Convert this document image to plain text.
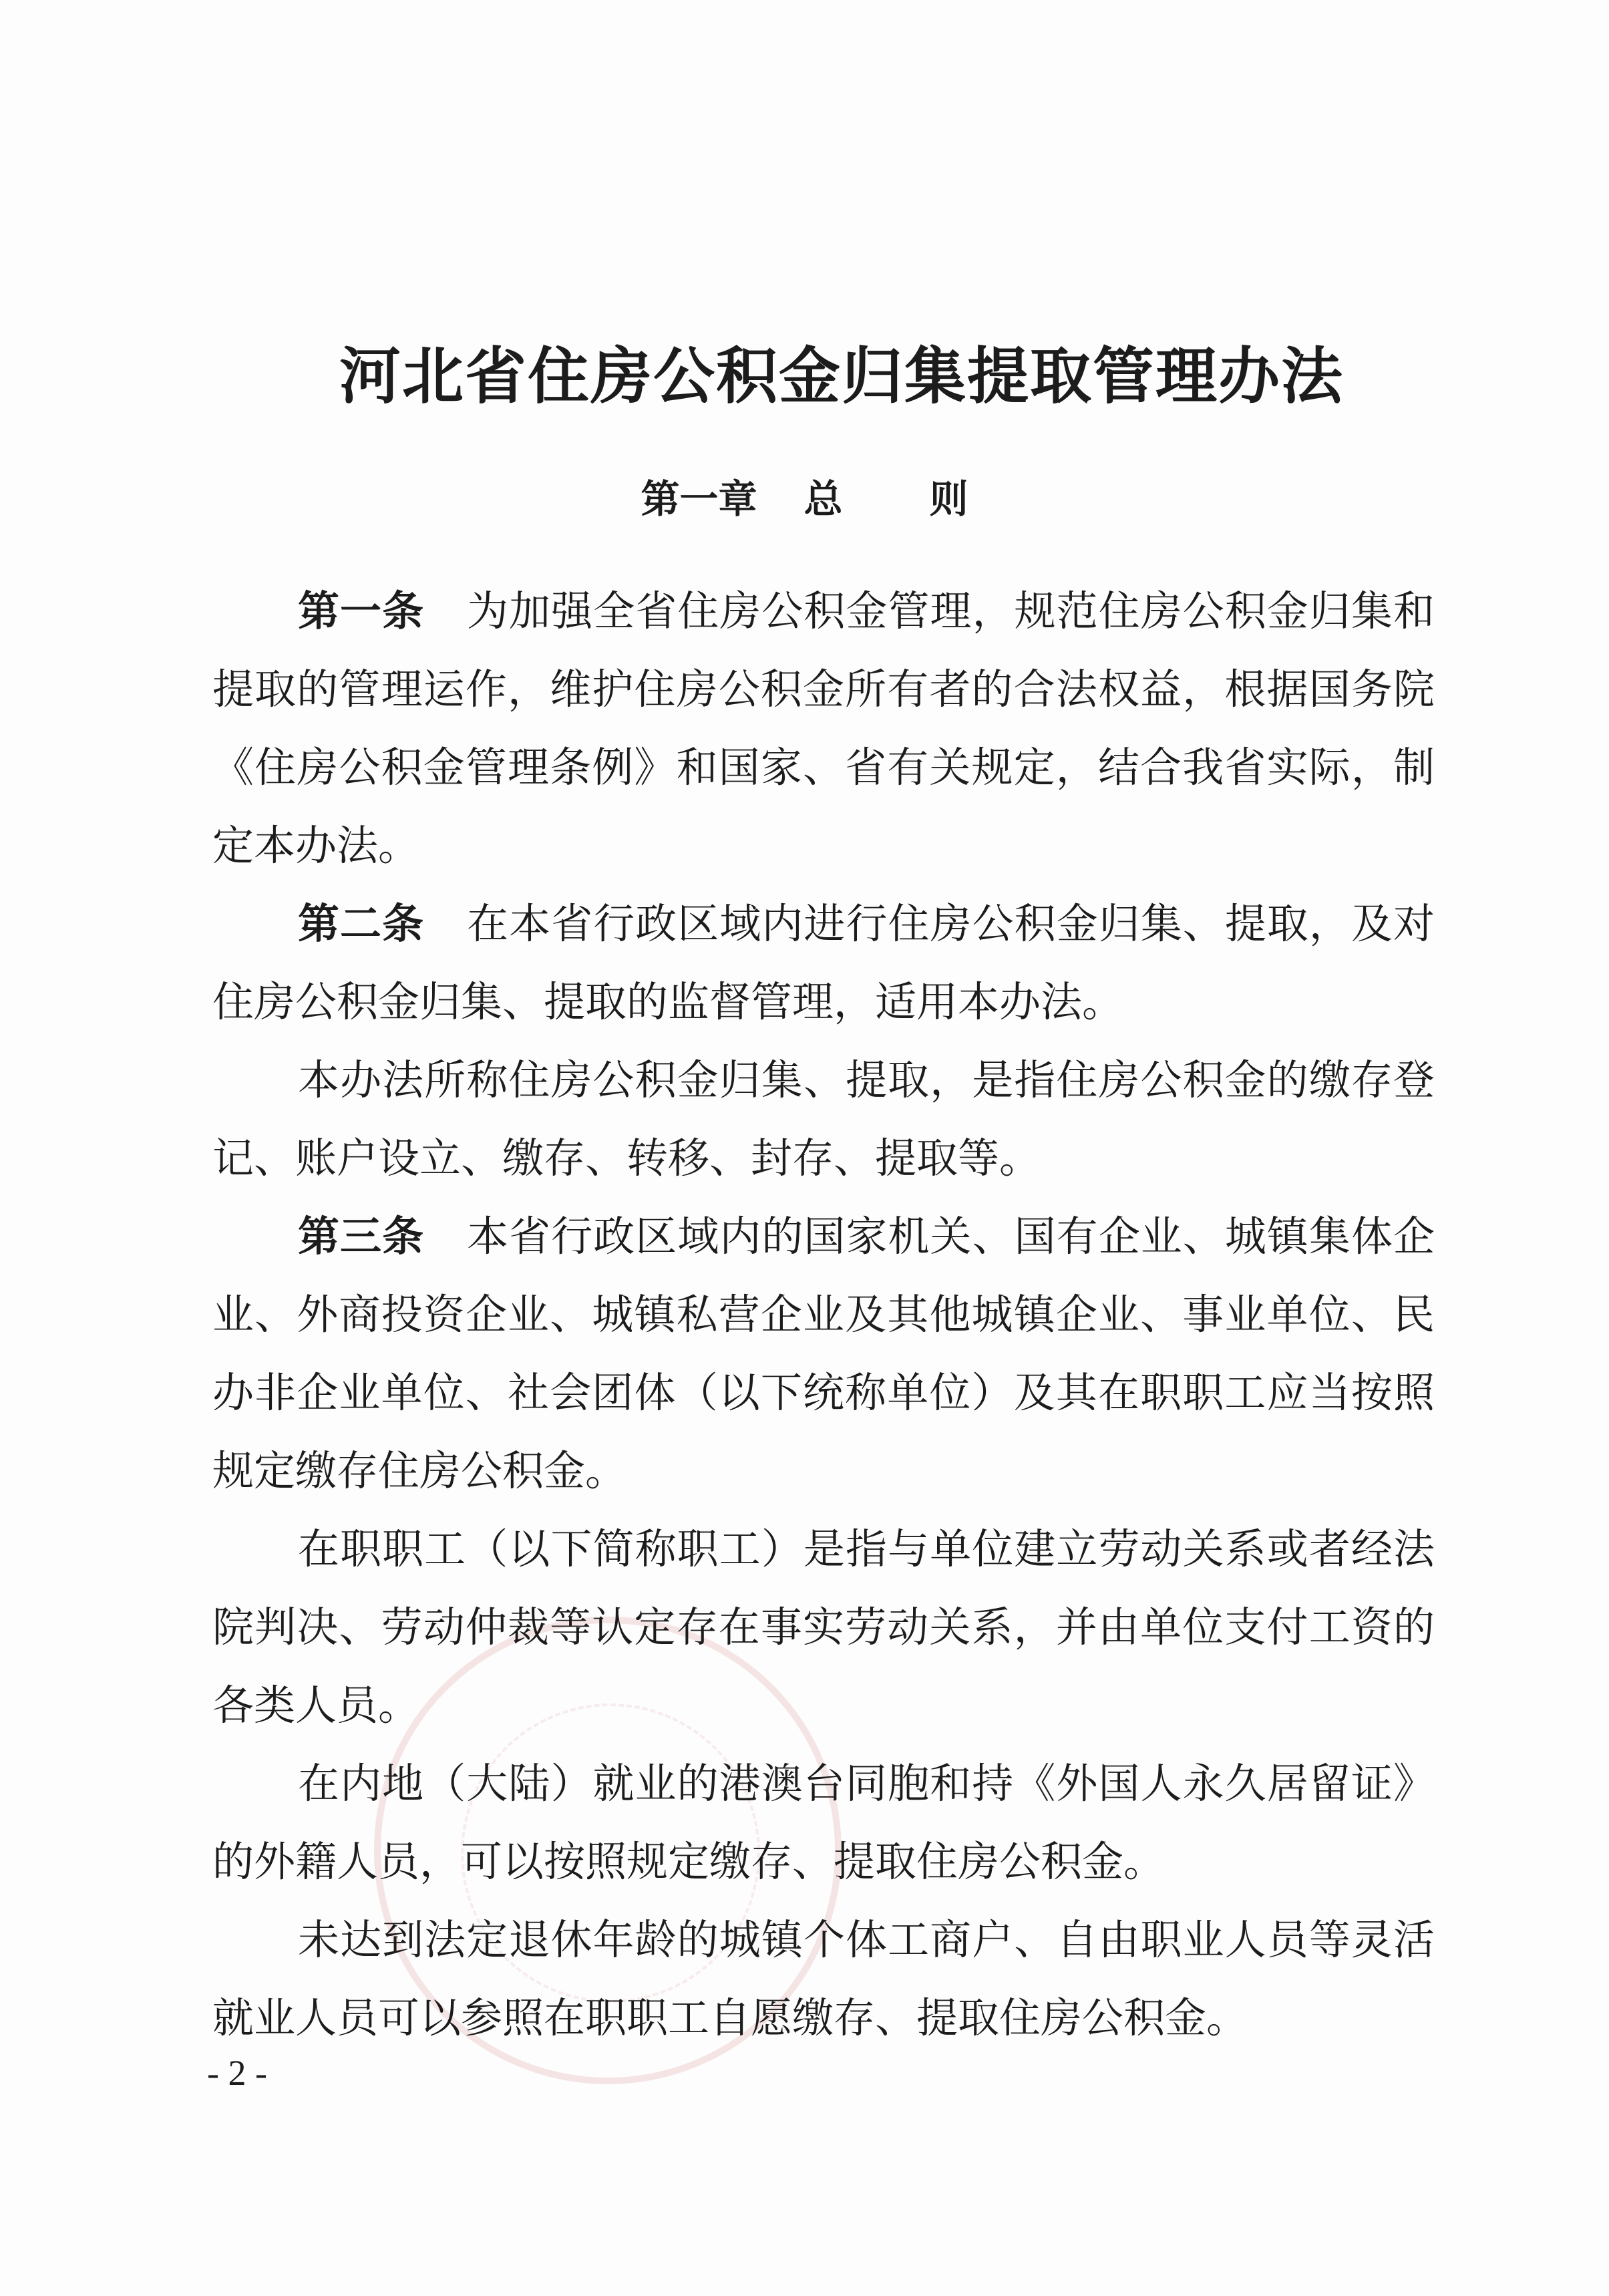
河北省住房公积金归集提取管理办法
第一章 总 则

第一条 为加强全省住房公积金管理，规范住房公积金归集和提取的管理运作，维护住房公积金所有者的合法权益，根据国务院《住房公积金管理条例》和国家、省有关规定，结合我省实际，制定本办法。

第二条 在本省行政区域内进行住房公积金归集、提取，及对住房公积金归集、提取的监督管理，适用本办法。

本办法所称住房公积金归集、提取，是指住房公积金的缴存登记、账户设立、缴存、转移、封存、提取等。

第三条 本省行政区域内的国家机关、国有企业、城镇集体企业、外商投资企业、城镇私营企业及其他城镇企业、事业单位、民办非企业单位、社会团体（以下统称单位）及其在职职工应当按照规定缴存住房公积金。

在职职工（以下简称职工）是指与单位建立劳动关系或者经法院判决、劳动仲裁等认定存在事实劳动关系，并由单位支付工资的各类人员。

在内地（大陆）就业的港澳台同胞和持《外国人永久居留证》的外籍人员，可以按照规定缴存、提取住房公积金。

未达到法定退休年龄的城镇个体工商户、自由职业人员等灵活就业人员可以参照在职职工自愿缴存、提取住房公积金。

- 2 -
